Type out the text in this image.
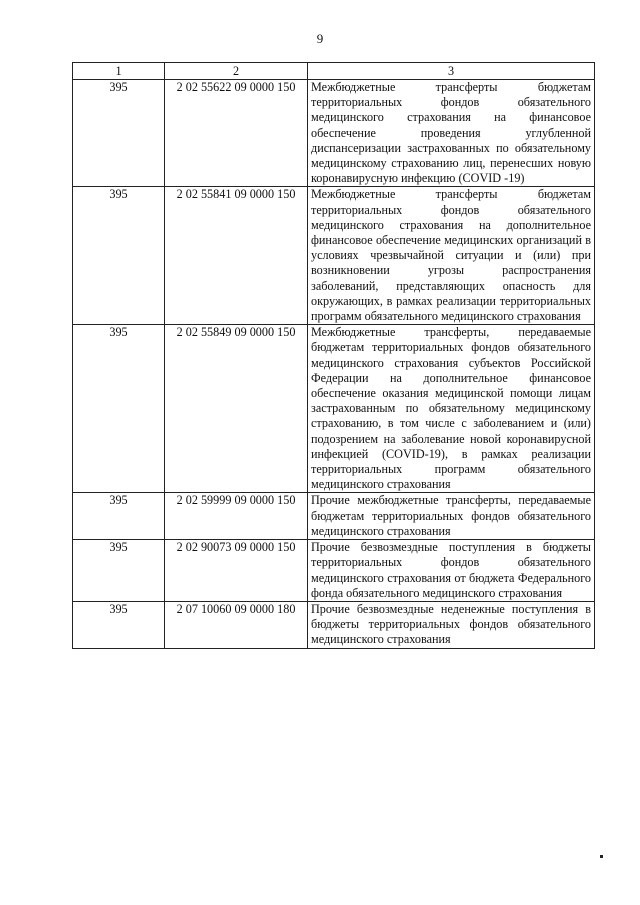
9
1	2	3
395	2 02 55622 09 0000 150	Межбюджетные трансферты бюджетам территориальных фондов обязательного медицинского страхования на финансовое обеспечение проведения углубленной диспансеризации застрахованных по обязательному медицинскому страхованию лиц, перенесших новую коронавирусную инфекцию (COVID -19)
395	2 02 55841 09 0000 150	Межбюджетные трансферты бюджетам территориальных фондов обязательного медицинского страхования на дополнительное финансовое обеспечение медицинских организаций в условиях чрезвычайной ситуации и (или) при возникновении угрозы распространения заболеваний, представляющих опасность для окружающих, в рамках реализации территориальных программ обязательного медицинского страхования
395	2 02 55849 09 0000 150	Межбюджетные трансферты, передаваемые бюджетам территориальных фондов обязательного медицинского страхования субъектов Российской Федерации на дополнительное финансовое обеспечение оказания медицинской помощи лицам застрахованным по обязательному медицинскому страхованию, в том числе с заболеванием и (или) подозрением на заболевание новой коронавирусной инфекцией (COVID-19), в рамках реализации территориальных программ обязательного медицинского страхования
395	2 02 59999 09 0000 150	Прочие межбюджетные трансферты, передаваемые бюджетам территориальных фондов обязательного медицинского страхования
395	2 02 90073 09 0000 150	Прочие безвозмездные поступления в бюджеты территориальных фондов обязательного медицинского страхования от бюджета Федерального фонда обязательного медицинского страхования
395	2 07 10060 09 0000 180	Прочие безвозмездные неденежные поступления в бюджеты территориальных фондов обязательного медицинского страхования
